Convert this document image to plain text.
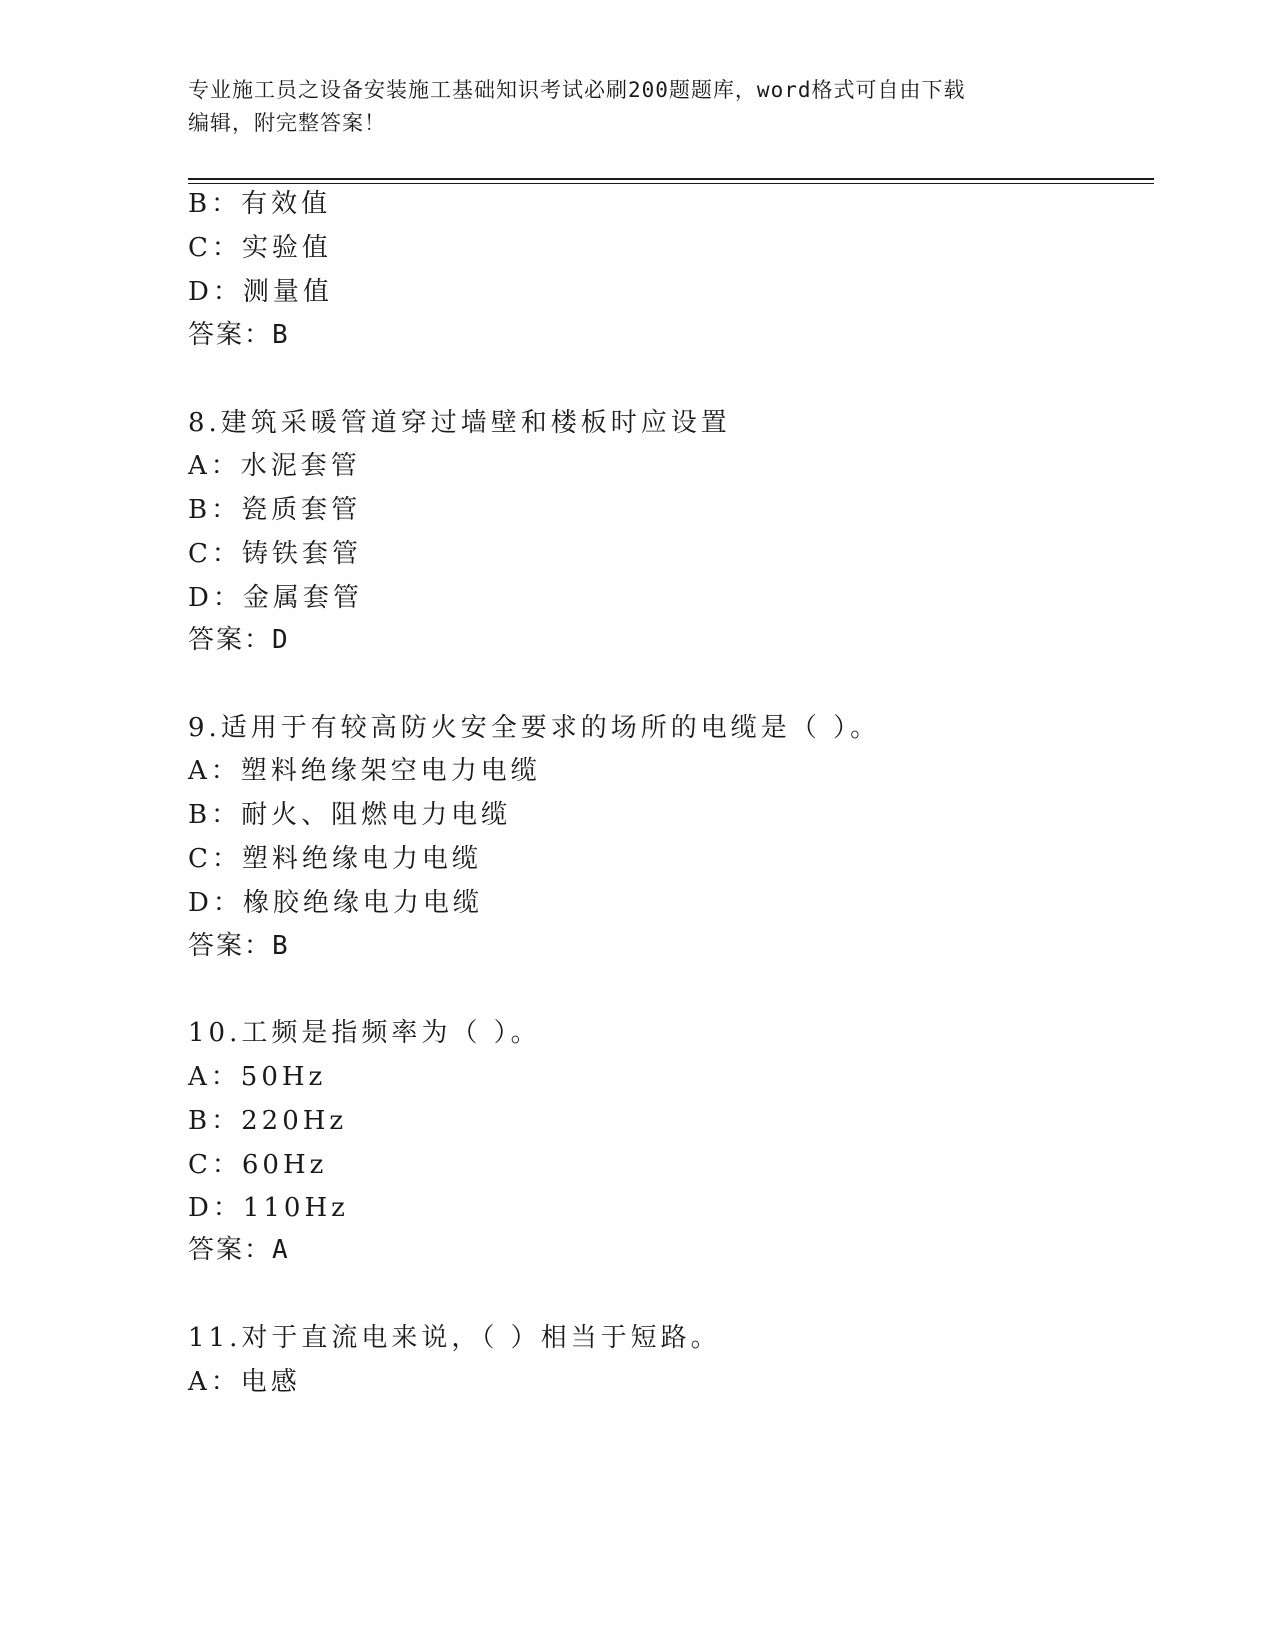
专业施工员之设备安装施工基础知识考试必刷200题题库，word格式可自由下载
编辑，附完整答案！
B：有效值
C：实验值
D：测量值
答案：B
8.建筑采暖管道穿过墙壁和楼板时应设置
A：水泥套管
B：瓷质套管
C：铸铁套管
D：金属套管
答案：D
9.适用于有较高防火安全要求的场所的电缆是（ ）。
A：塑料绝缘架空电力电缆
B：耐火、阻燃电力电缆
C：塑料绝缘电力电缆
D：橡胶绝缘电力电缆
答案：B
10.工频是指频率为（ ）。
A：50Hz
B：220Hz
C：60Hz
D：110Hz
答案：A
11.对于直流电来说，（ ）相当于短路。
A：电感
